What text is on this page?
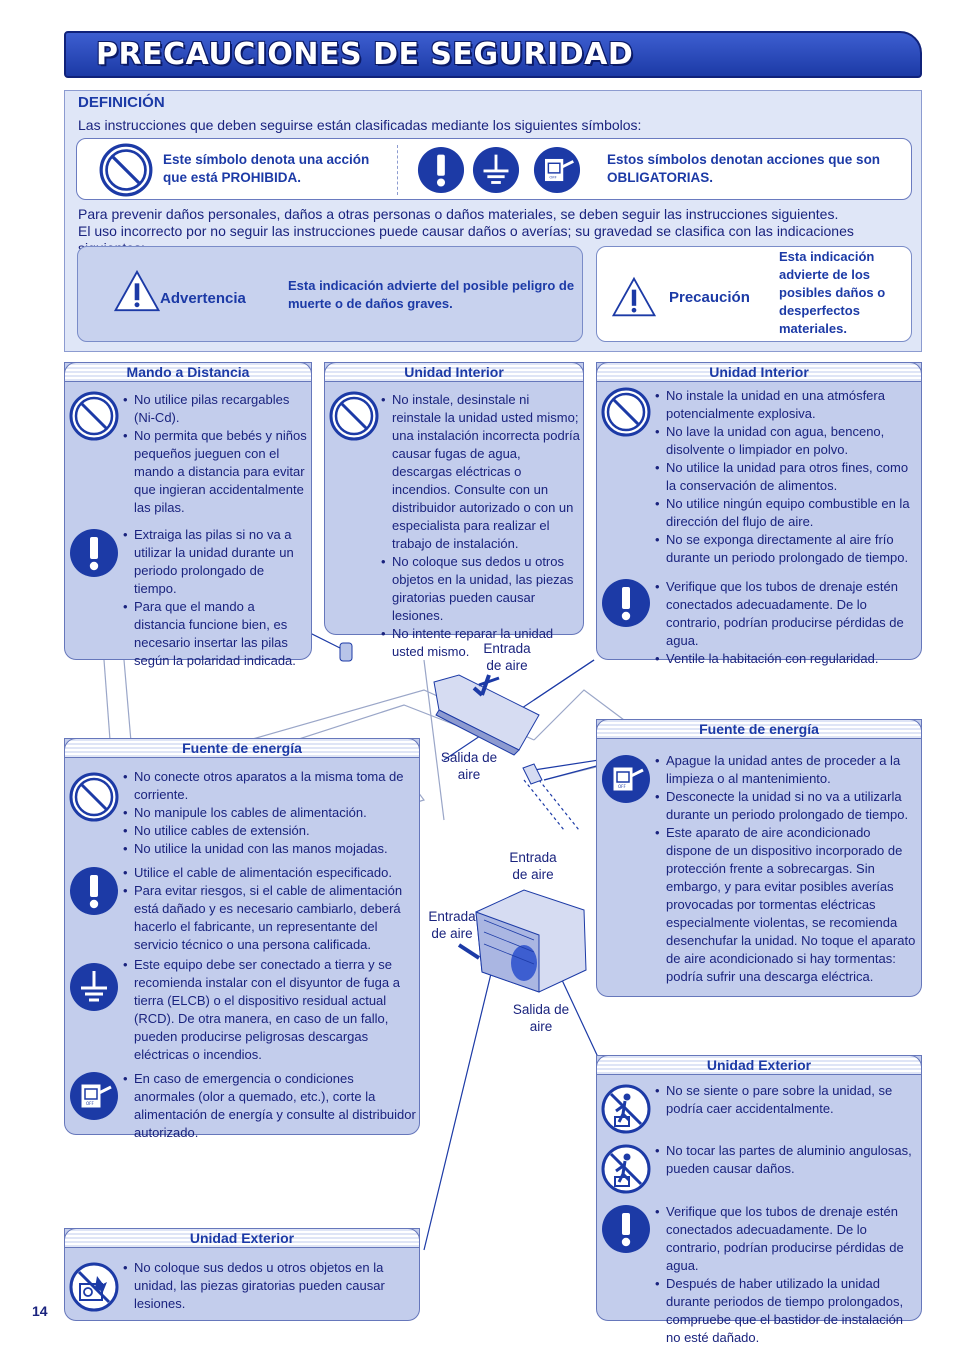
PRECAUCIONES DE SEGURIDAD
DEFINICIÓN
Las instrucciones que deben seguirse están clasificadas mediante los siguientes símbolos:
Este símbolo denota una acción que está PROHIBIDA.
Estos símbolos denotan acciones que son OBLIGATORIAS.
Para prevenir daños personales, daños a otras personas o daños materiales, se deben seguir las instrucciones siguientes.
El uso incorrecto por no seguir las instrucciones puede causar daños o averías; su gravedad se clasifica con las indicaciones
Advertencia
Esta indicación advierte del posible peligro de muerte o de daños graves.	Precaución
Esta indicación advierte de los posibles daños o desperfectos materiales.
Entrada de aire
Salida de aire
Entrada de aire
Entrada de aire
Salida de aire
Mando a Distancia
• No utilice pilas recargables (Ni-Cd).
• No permita que bebés y niños pequeños jueguen con el mando a distancia para evitar que ingieran accidentalmente las pilas.
• Extraiga las pilas si no va a utilizar la unidad durante un periodo prolongado de tiempo.
• Para que el mando a distancia funcione bien, es necesario insertar las pilas según la polaridad indicada.
Unidad Interior
• No instale, desinstale ni reinstale la unidad usted mismo; una instalación incorrecta podría causar fugas de agua, descargas eléctricas o incendios. Consulte con un distribuidor autorizado o con un especialista para realizar el trabajo de instalación.
• No coloque sus dedos u otros objetos en la unidad, las piezas giratorias pueden causar lesiones.
• No intente reparar la unidad usted mismo.
Unidad Interior
• No instale la unidad en una atmósfera potencialmente explosiva.
• No lave la unidad con agua, benceno, disolvente o limpiador en polvo.
• No utilice la unidad para otros fines, como la conservación de alimentos.
• No utilice ningún equipo combustible en la dirección del flujo de aire.
• No se exponga directamente al aire frío durante un periodo prolongado de tiempo.
• Verifique que los tubos de drenaje estén conectados adecuadamente. De lo contrario, podrían producirse pérdidas de agua.
• Ventile la habitación con regularidad.
Fuente de energía
• No conecte otros aparatos a la misma toma de corriente.
• No manipule los cables de alimentación.
• No utilice cables de extensión.
• No utilice la unidad con las manos mojadas.
• Utilice el cable de alimentación especificado.
• Para evitar riesgos, si el cable de alimentación está dañado y es necesario cambiarlo, deberá hacerlo el fabricante, un representante del servicio técnico o una persona calificada.
• Este equipo debe ser conectado a tierra y se recomienda instalar con el disyuntor de fuga a tierra (ELCB) o el dispositivo residual actual (RCD). De otra manera, en caso de un fallo, pueden producirse peligrosas descargas eléctricas o incendios.
• En caso de emergencia o condiciones anormales (olor a quemado, etc.), corte la alimentación de energía y consulte al distribuidor autorizado.
Fuente de energía
• Apague la unidad antes de proceder a la limpieza o al mantenimiento.
• Desconecte la unidad si no va a utilizarla durante un periodo prolongado de tiempo.
• Este aparato de aire acondicionado dispone de un dispositivo incorporado de protección frente a sobrecargas. Sin embargo, y para evitar posibles averías provocadas por tormentas eléctricas especialmente violentas, se recomienda desenchufar la unidad. No toque el aparato de aire acondicionado si hay tormentas: podría sufrir una descarga eléctrica.
Unidad Exterior
• No se siente o pare sobre la unidad, se podría caer accidentalmente.
• No tocar las partes de aluminio angulosas, pueden causar daños.
• Verifique que los tubos de drenaje estén conectados adecuadamente. De lo contrario, podrían producirse pérdidas de agua.
• Después de haber utilizado la unidad durante periodos de tiempo prolongados, compruebe que el bastidor de instalación no esté dañado.
Unidad Exterior
• No coloque sus dedos u otros objetos en la unidad, las piezas giratorias pueden causar lesiones.
14
